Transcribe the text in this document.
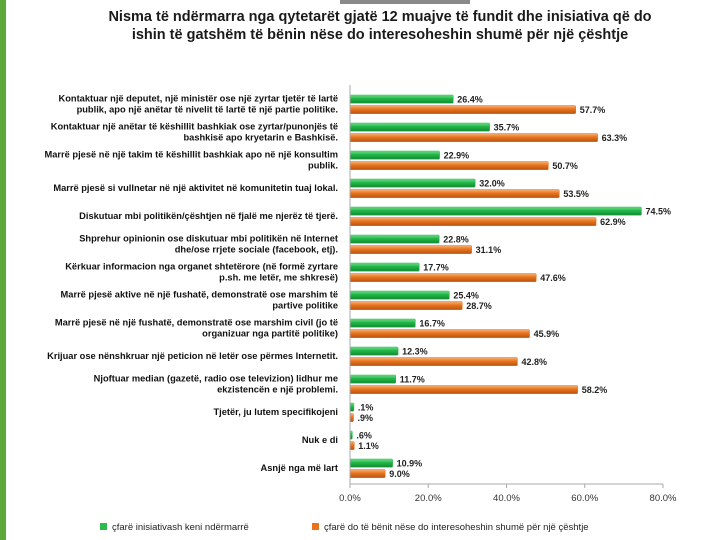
Nisma të ndërmarra nga qytetarët gjatë 12 muajve të fundit dhe inisiativa që do
ishin të gatshëm të bënin nëse do interesoheshin shumë për një çështje
26.4%
35.7%
22.9%
32.0%
74.5%
22.8%
17.7%
25.4%
16.7%
12.3%
11.7%
.1%
.6%
10.9%
57.7%
63.3%
50.7%
53.5%
62.9%
31.1%
47.6%
28.7%
45.9%
42.8%
58.2%
.9%
1.1%
9.0%
Kontaktuar një deputet, një ministër ose një zyrtar tjetër të lartë
publik, apo një anëtar të nivelit të lartë të një partie politike.
Kontaktuar një anëtar të këshillit bashkiak ose zyrtar/punonjës të
bashkisë apo kryetarin e Bashkisë.
Marrë pjesë në një takim të këshillit bashkiak apo në një konsultim
publik.
Marrë pjesë si vullnetar në një aktivitet në komunitetin tuaj lokal.
Diskutuar mbi politikën/çështjen në fjalë me njerëz të tjerë.
Shprehur opinionin ose diskutuar mbi politikën në Internet
dhe/ose rrjete sociale (facebook, etj).
Kërkuar informacion nga organet shtetërore (në formë zyrtare
p.sh. me letër, me shkresë)
Marrë pjesë aktive në një fushatë, demonstratë ose marshim të
partive politike
Marrë pjesë në një fushatë, demonstratë ose marshim civil (jo të
organizuar nga partitë politike)
Krijuar ose nënshkruar një peticion në letër ose përmes Internetit.
Njoftuar median (gazetë, radio ose televizion) lidhur me
ekzistencën e një problemi.
Tjetër, ju lutem specifikojeni
Nuk e di
Asnjë nga më lart
0.0%	20.0%	40.0%	60.0%	80.0%
çfarë inisiativash keni ndërmarrë	çfarë do të bënit nëse do interesoheshin shumë për një çështje
